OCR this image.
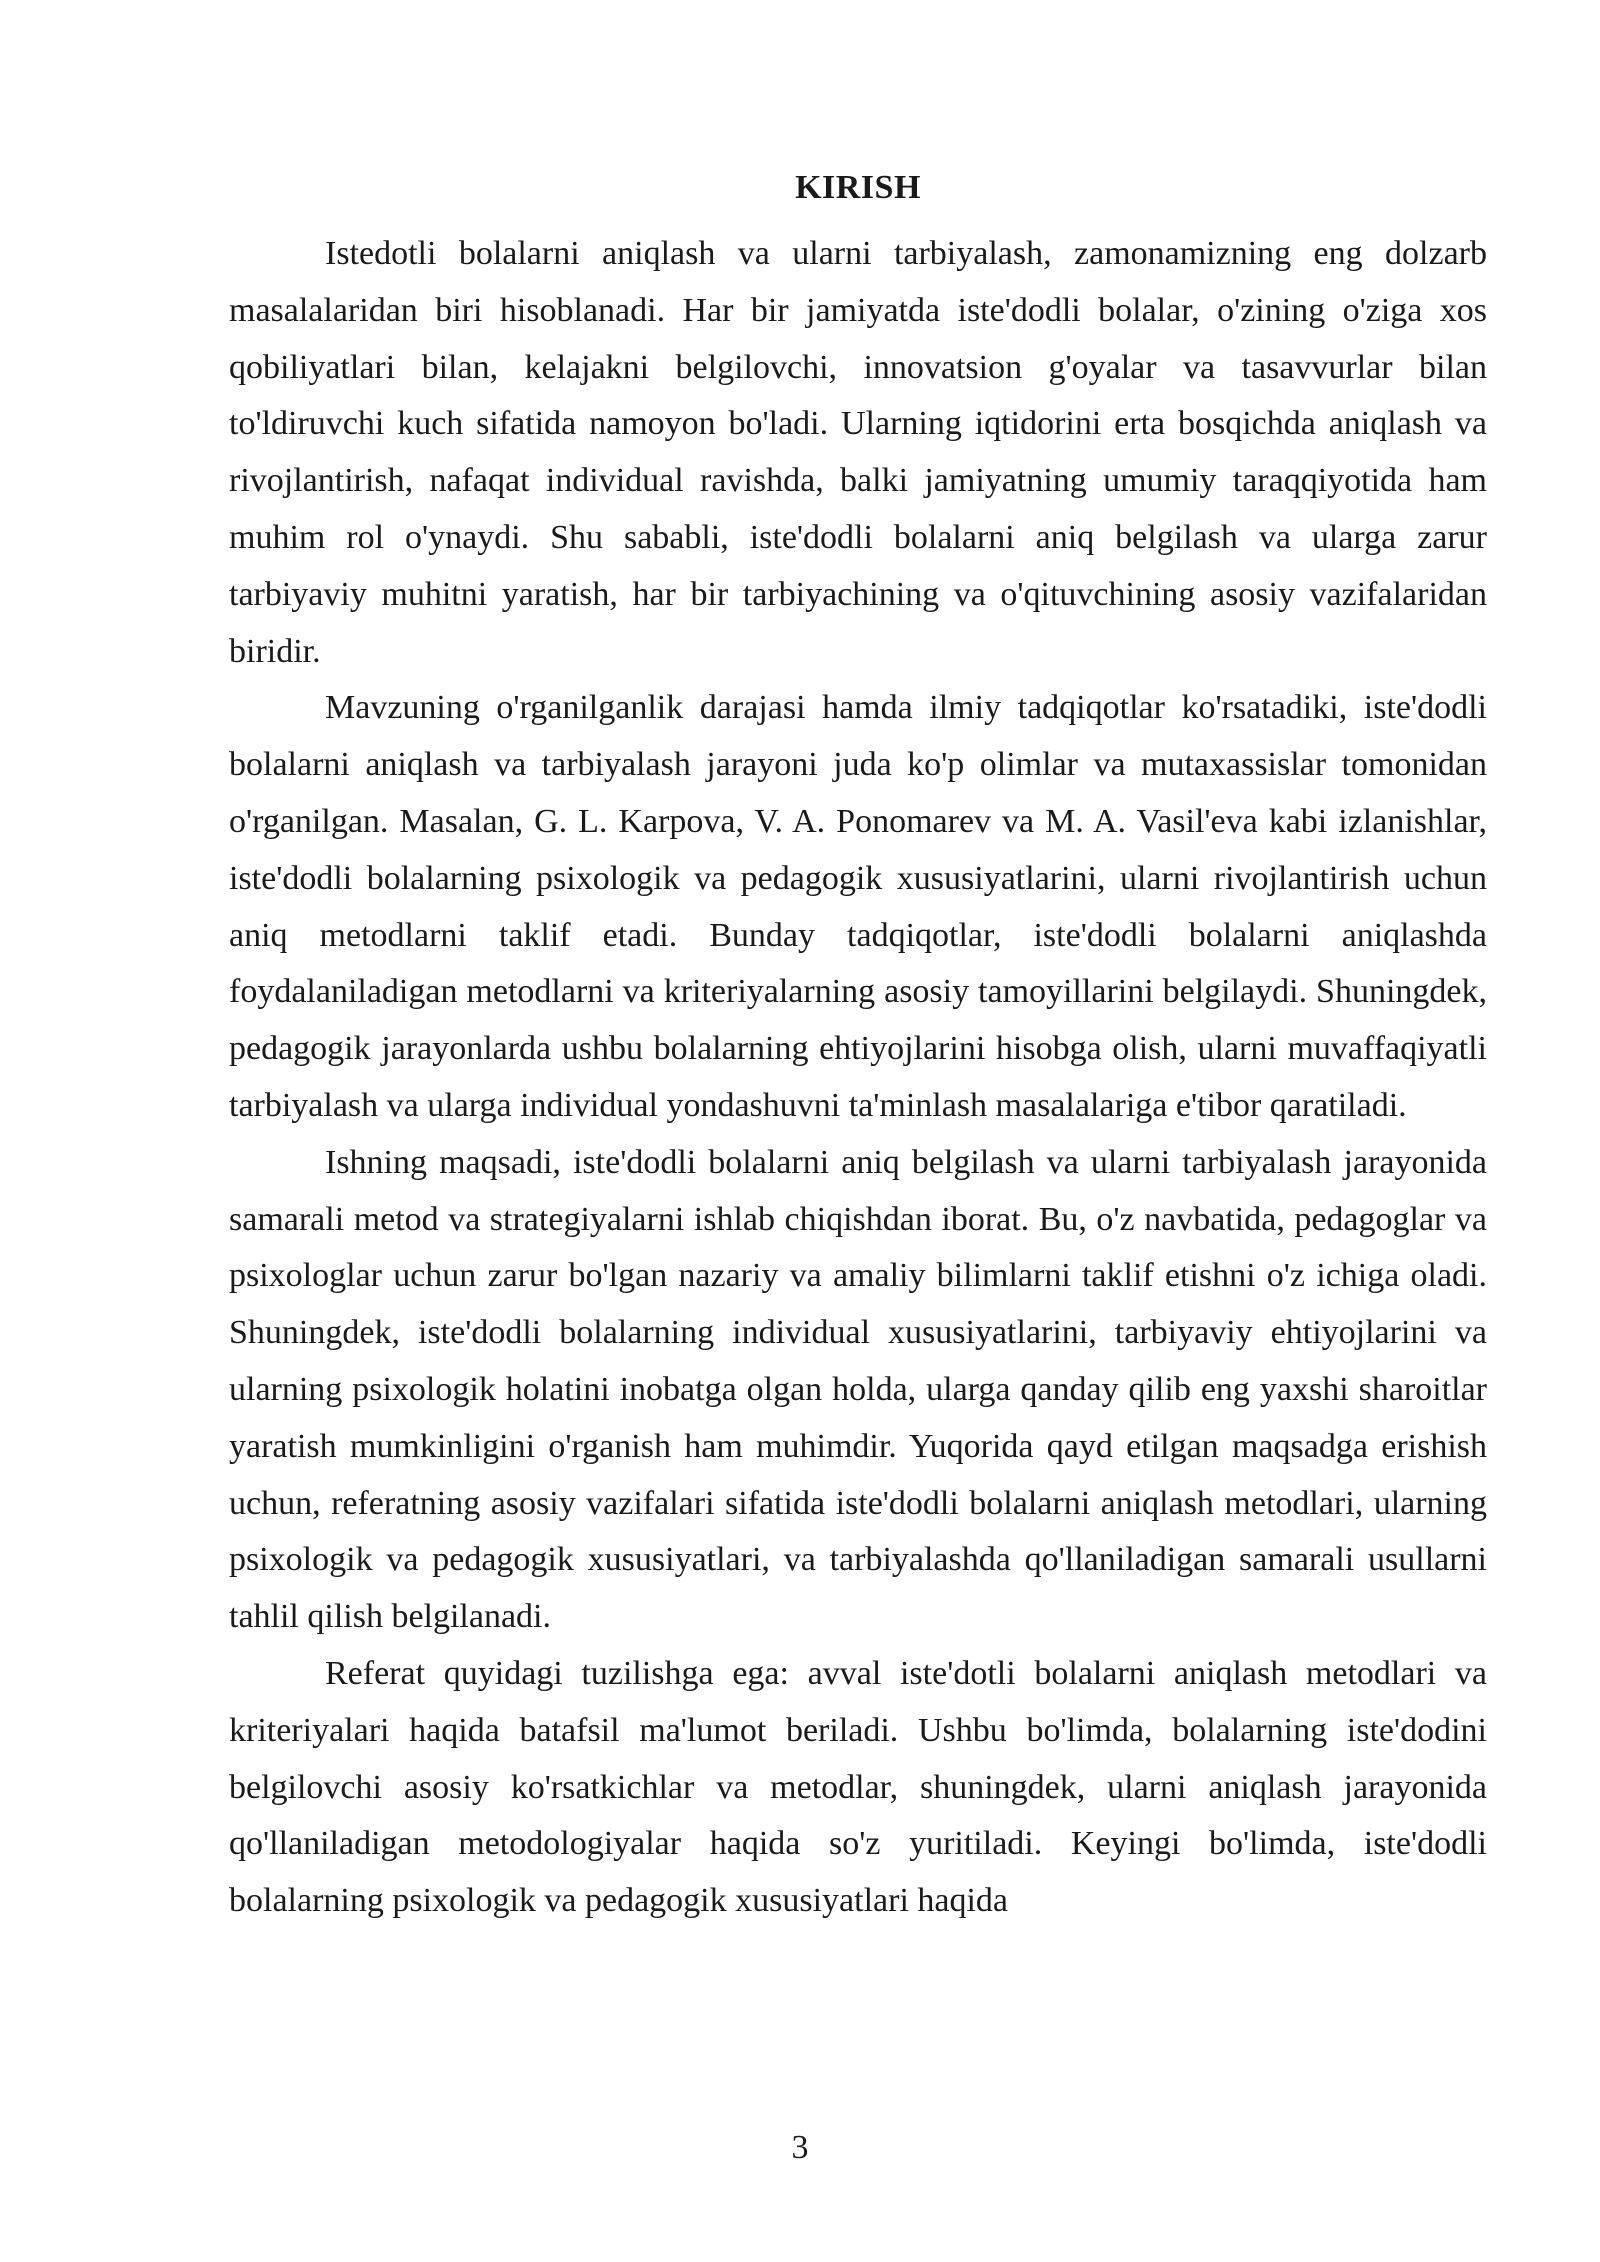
KIRISH

Istedotli bolalarni aniqlash va ularni tarbiyalash, zamonamizning eng dolzarb masalalaridan biri hisoblanadi. Har bir jamiyatda iste'dodli bolalar, o'zining o'ziga xos qobiliyatlari bilan, kelajakni belgilovchi, innovatsion g'oyalar va tasavvurlar bilan to'ldiruvchi kuch sifatida namoyon bo'ladi. Ularning iqtidorini erta bosqichda aniqlash va rivojlantirish, nafaqat individual ravishda, balki jamiyatning umumiy taraqqiyotida ham muhim rol o'ynaydi. Shu sababli, iste'dodli bolalarni aniq belgilash va ularga zarur tarbiyaviy muhitni yaratish, har bir tarbiyachining va o'qituvchining asosiy vazifalaridan biridir.

Mavzuning o'rganilganlik darajasi hamda ilmiy tadqiqotlar ko'rsatadiki, iste'dodli bolalarni aniqlash va tarbiyalash jarayoni juda ko'p olimlar va mutaxassislar tomonidan o'rganilgan. Masalan, G. L. Karpova, V. A. Ponomarev va M. A. Vasil'eva kabi izlanishlar, iste'dodli bolalarning psixologik va pedagogik xususiyatlarini, ularni rivojlantirish uchun aniq metodlarni taklif etadi. Bunday tadqiqotlar, iste'dodli bolalarni aniqlashda foydalaniladigan metodlarni va kriteriyalarning asosiy tamoyillarini belgilaydi. Shuningdek, pedagogik jarayonlarda ushbu bolalarning ehtiyojlarini hisobga olish, ularni muvaffaqiyatli tarbiyalash va ularga individual yondashuvni ta'minlash masalalariga e'tibor qaratiladi.

Ishning maqsadi, iste'dodli bolalarni aniq belgilash va ularni tarbiyalash jarayonida samarali metod va strategiyalarni ishlab chiqishdan iborat. Bu, o'z navbatida, pedagoglar va psixologlar uchun zarur bo'lgan nazariy va amaliy bilimlarni taklif etishni o'z ichiga oladi. Shuningdek, iste'dodli bolalarning individual xususiyatlarini, tarbiyaviy ehtiyojlarini va ularning psixologik holatini inobatga olgan holda, ularga qanday qilib eng yaxshi sharoitlar yaratish mumkinligini o'rganish ham muhimdir. Yuqorida qayd etilgan maqsadga erishish uchun, referatning asosiy vazifalari sifatida iste'dodli bolalarni aniqlash metodlari, ularning psixologik va pedagogik xususiyatlari, va tarbiyalashda qo'llaniladigan samarali usullarni tahlil qilish belgilanadi.

Referat quyidagi tuzilishga ega: avval iste'dotli bolalarni aniqlash metodlari va kriteriyalari haqida batafsil ma'lumot beriladi. Ushbu bo'limda, bolalarning iste'dodini belgilovchi asosiy ko'rsatkichlar va metodlar, shuningdek, ularni aniqlash jarayonida qo'llaniladigan metodologiyalar haqida so'z yuritiladi. Keyingi bo'limda, iste'dodli bolalarning psixologik va pedagogik xususiyatlari haqida

3
